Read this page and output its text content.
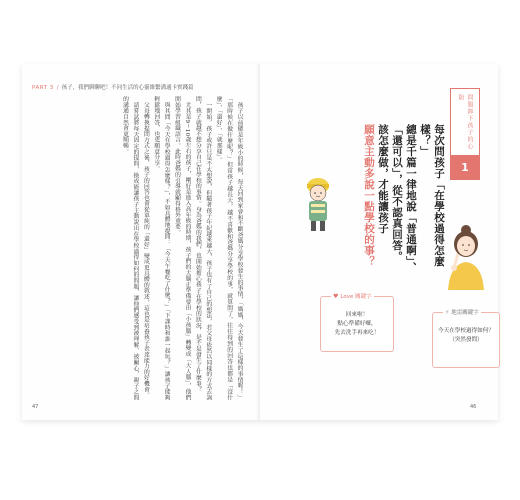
PART 3 / 孩子，我們聊聊吧！不同生活的心靈維繫溝通卡實踐篇

孩子以前總是年級小的時候，每天回到家會和不斷爸媽分享學校發生的事情，「媽媽，今天發生了這樣的事情喔！」「那時候在做什麼呢？」但當孩子越長大，越不喜歡和爸媽分享學校的事，就算問了，往往得到的回答也都是「沒什麼」、「還好」、「就那樣」。

一開始，孩子或許只是不太想說，但隨著孩子年紀越來越大，孩子也有了自己的想法，若父母依然以同樣的方式去詢問，孩子就越不想分享自己在學校的事情。身為爸媽的我們，也開始擔心孩子在學校的狀況，是不是發生了什麼事？

尤其是9～10歲左右的孩子，剛好是進入高年級的時期，孩子們的大腦正準備要由「小孩腦」轉變成「大人腦」，他們開始學習組織語言。此時爸媽的引導就顯得格外重要。

與其問「今天在學校過得怎麼樣？」，不如具體地提問：「今天午餐吃了什麼？」「下課時和誰一起玩？」讓孩子能夠輕鬆地回答，也更願意分享。

父母轉換提問方式之後，孩子的回答也會從單純的「還好」變成更具體的敘述，這也是培養孩子表達能力的好機會。

請嘗試將每天固定的提問，換成能讓孩子主動說出在學校過得如何的問題，讓他們感受到被理解、被關心，親子之間的溝通自然會更順暢。

47
問題卸下孩子的心防
1
每次問孩子「在學校過得怎麼樣？」
總是千篇一律地說「普通啊」、
「還可以」，從不認真回答。
該怎麼做，才能讓孩子
願意主動多說一點學校的事？
♥ Love 關鍵字
回來啦！
點心準備好囉，
先去洗手再來吃！
⚡ 地雷關鍵字
今天在學校過得如何？
（突然發問）
46
